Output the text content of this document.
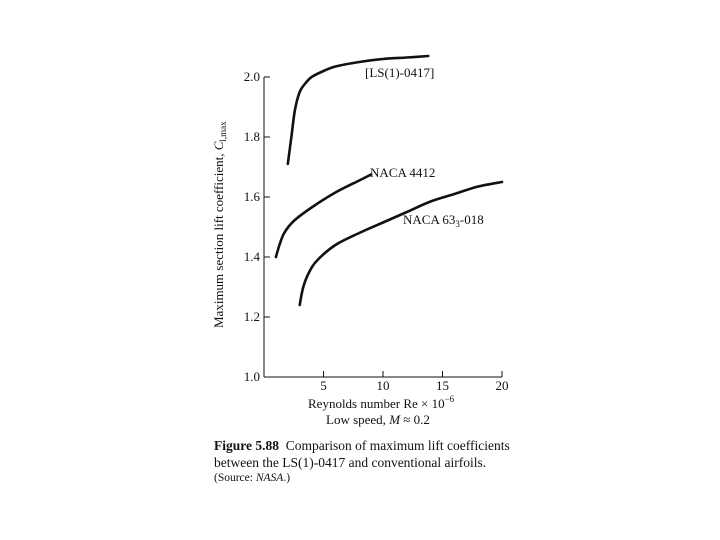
1.0
1.2
1.4
1.6
1.8
2.0
5	10	15	20
[LS(1)-0417]
NACA 4412
NACA $63_3-018$
Reynolds number $Re \times 10^{-6}$
Low speed, M ≈ 0.2
Maximum section lift coefficient, $C_{l,max}$
Figure 5.88 Comparison of maximum lift coefficients between the LS(1)-0417 and conventional airfoils.
(Source: NASA.)
